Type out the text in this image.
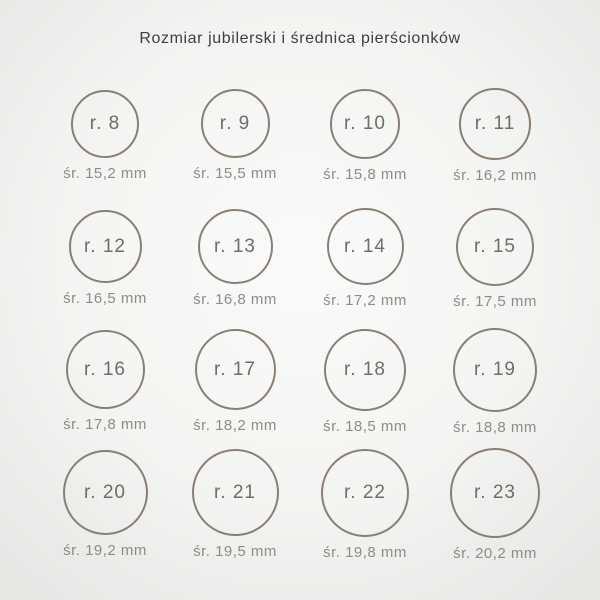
Rozmiar jubilerski i średnica pierścionków
r. 8
śr. 15,2 mm
r. 9
śr. 15,5 mm
r. 10
śr. 15,8 mm
r. 11
śr. 16,2 mm
r. 12
śr. 16,5 mm
r. 13
śr. 16,8 mm
r. 14
śr. 17,2 mm
r. 15
śr. 17,5 mm
r. 16
śr. 17,8 mm
r. 17
śr. 18,2 mm
r. 18
śr. 18,5 mm
r. 19
śr. 18,8 mm
r. 20
śr. 19,2 mm
r. 21
śr. 19,5 mm
r. 22
śr. 19,8 mm
r. 23
śr. 20,2 mm
